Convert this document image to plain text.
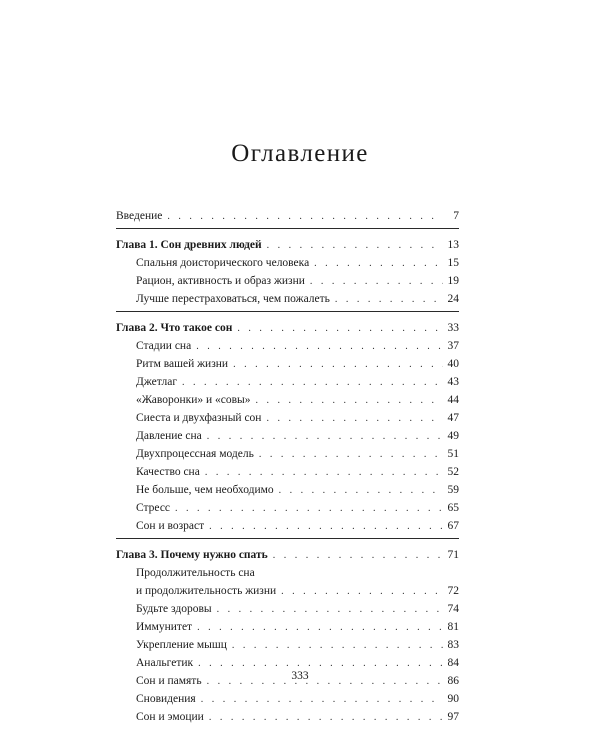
Оглавление
Введение . . .	7
Глава 1. Сон древних людей . . .	13
Спальня доисторического человека . . .	15
Рацион, активность и образ жизни . . .	19
Лучше перестраховаться, чем пожалеть . . .	24
Глава 2. Что такое сон . . .	33
Стадии сна . . .	37
Ритм вашей жизни . . .	40
Джетлаг . . .	43
«Жаворонки» и «совы» . . .	44
Сиеста и двухфазный сон . . .	47
Давление сна . . .	49
Двухпроцессная модель . . .	51
Качество сна . . .	52
Не больше, чем необходимо . . .	59
Стресс . . .	65
Сон и возраст . . .	67
Глава 3. Почему нужно спать . . .	71
Продолжительность сна
и продолжительность жизни . . .	72
Будьте здоровы . . .	74
Иммунитет . . .	81
Укрепление мышц . . .	83
Анальгетик . . .	84
Сон и память . . .	86
Сновидения . . .	90
Сон и эмоции . . .	97
333
